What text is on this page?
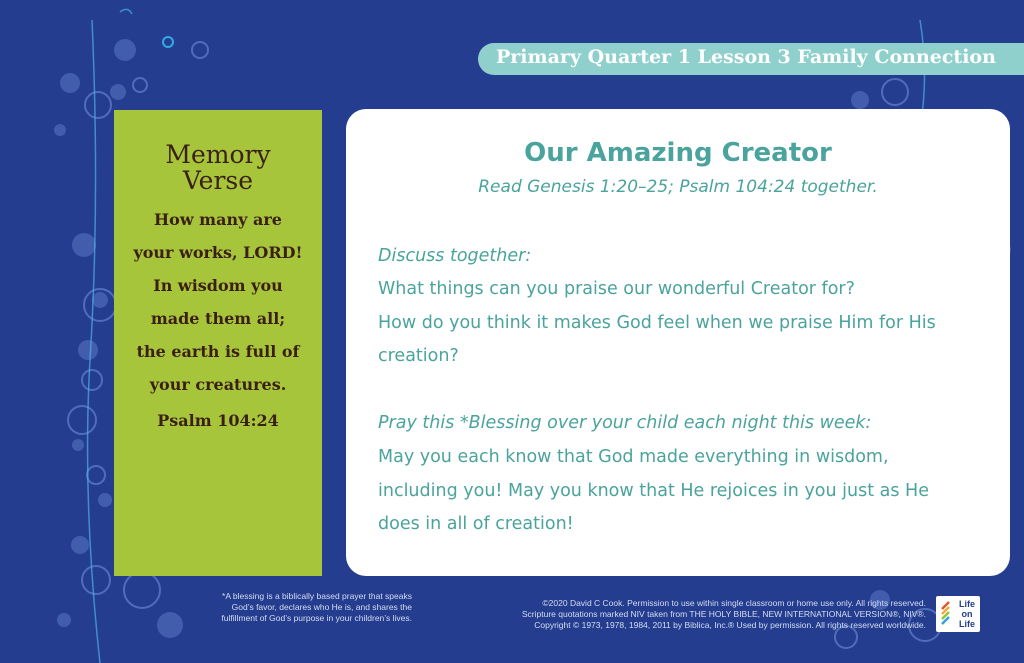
Primary Quarter 1 Lesson 3 Family Connection
Memory
Verse
How many are
your works, LORD!
In wisdom you
made them all;
the earth is full of
your creatures.
Psalm 104:24
Our Amazing Creator
Read Genesis 1:20–25; Psalm 104:24 together.
Discuss together:
What things can you praise our wonderful Creator for?
How do you think it makes God feel when we praise Him for His
creation?
Pray this *Blessing over your child each night this week:
May you each know that God made everything in wisdom,
including you! May you know that He rejoices in you just as He
does in all of creation!
*A blessing is a biblically based prayer that speaks
God’s favor, declares who He is, and shares the
fulfillment of God’s purpose in your children’s lives.
©2020 David C Cook. Permission to use within single classroom or home use only. All rights reserved.
Scripture quotations marked NIV taken from THE HOLY BIBLE, NEW INTERNATIONAL VERSION®, NIV®.
Copyright © 1973, 1978, 1984, 2011 by Biblica, Inc.® Used by permission. All rights reserved worldwide.
Life
on
Life
